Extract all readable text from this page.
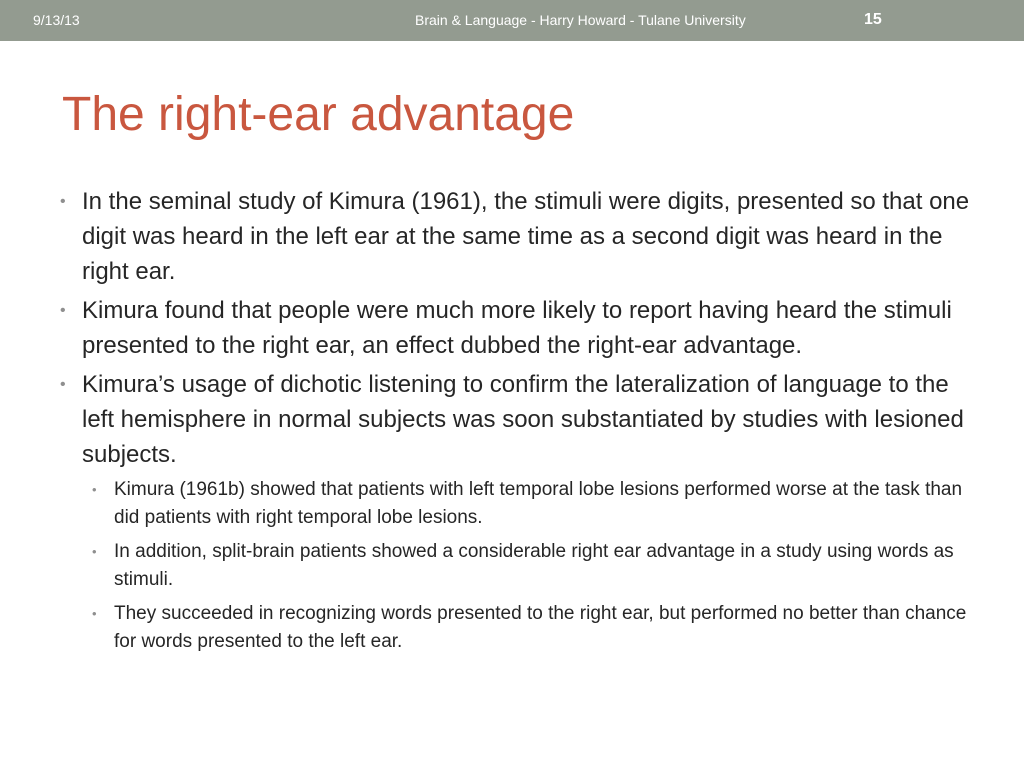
9/13/13	Brain & Language - Harry Howard - Tulane University	15
The right-ear advantage
• In the seminal study of Kimura (1961), the stimuli were digits, presented so that one digit was heard in the left ear at the same time as a second digit was heard in the right ear.
• Kimura found that people were much more likely to report having heard the stimuli presented to the right ear, an effect dubbed the right-ear advantage.
• Kimura’s usage of dichotic listening to confirm the lateralization of language to the left hemisphere in normal subjects was soon substantiated by studies with lesioned subjects.
• Kimura (1961b) showed that patients with left temporal lobe lesions performed worse at the task than did patients with right temporal lobe lesions.
• In addition, split-brain patients showed a considerable right ear advantage in a study using words as stimuli.
• They succeeded in recognizing words presented to the right ear, but performed no better than chance for words presented to the left ear.
